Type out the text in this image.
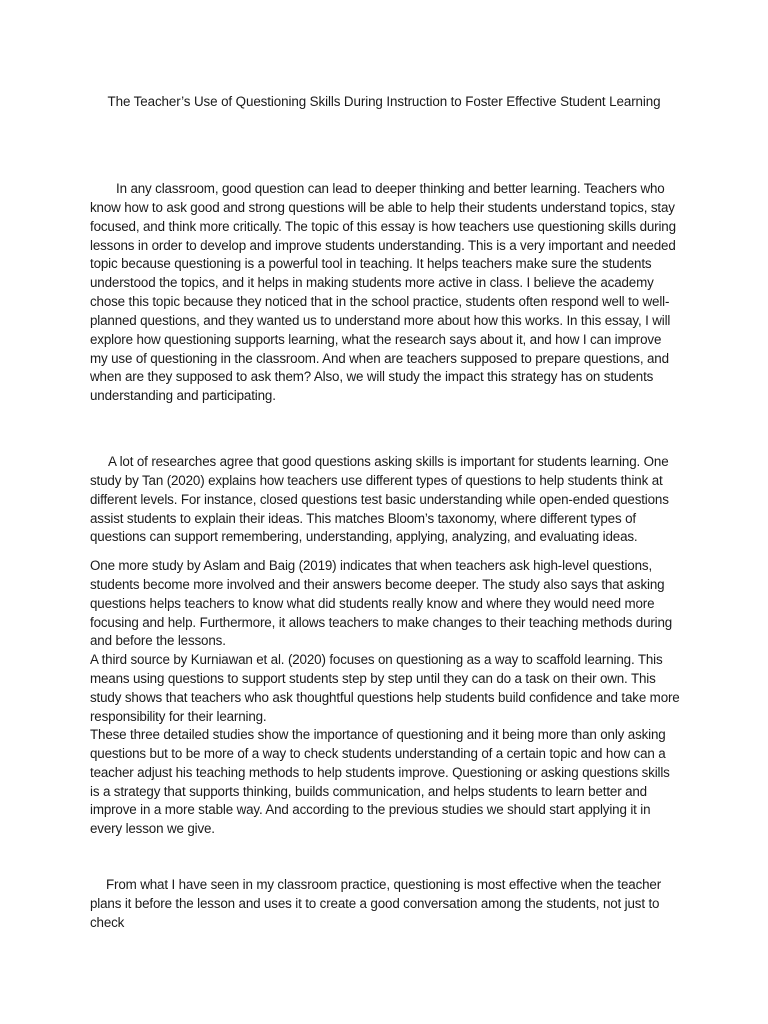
The Teacher’s Use of Questioning Skills During Instruction to Foster Effective Student Learning

In any classroom, good question can lead to deeper thinking and better learning. Teachers who know how to ask good and strong questions will be able to help their students understand topics, stay focused, and think more critically. The topic of this essay is how teachers use questioning skills during lessons in order to develop and improve students understanding. This is a very important and needed topic because questioning is a powerful tool in teaching. It helps teachers make sure the students understood the topics, and it helps in making students more active in class. I believe the academy chose this topic because they noticed that in the school practice, students often respond well to well-planned questions, and they wanted us to understand more about how this works. In this essay, I will explore how questioning supports learning, what the research says about it, and how I can improve my use of questioning in the classroom. And when are teachers supposed to prepare questions, and when are they supposed to ask them? Also, we will study the impact this strategy has on students understanding and participating.

A lot of researches agree that good questions asking skills is important for students learning. One study by Tan (2020) explains how teachers use different types of questions to help students think at different levels. For instance, closed questions test basic understanding while open-ended questions assist students to explain their ideas. This matches Bloom’s taxonomy, where different types of questions can support remembering, understanding, applying, analyzing, and evaluating ideas.

One more study by Aslam and Baig (2019) indicates that when teachers ask high-level questions, students become more involved and their answers become deeper. The study also says that asking questions helps teachers to know what did students really know and where they would need more focusing and help. Furthermore, it allows teachers to make changes to their teaching methods during and before the lessons.

A third source by Kurniawan et al. (2020) focuses on questioning as a way to scaffold learning. This means using questions to support students step by step until they can do a task on their own. This study shows that teachers who ask thoughtful questions help students build confidence and take more responsibility for their learning.

These three detailed studies show the importance of questioning and it being more than only asking questions but to be more of a way to check students understanding of a certain topic and how can a teacher adjust his teaching methods to help students improve. Questioning or asking questions skills is a strategy that supports thinking, builds communication, and helps students to learn better and improve in a more stable way. And according to the previous studies we should start applying it in every lesson we give.

From what I have seen in my classroom practice, questioning is most effective when the teacher plans it before the lesson and uses it to create a good conversation among the students, not just to check
